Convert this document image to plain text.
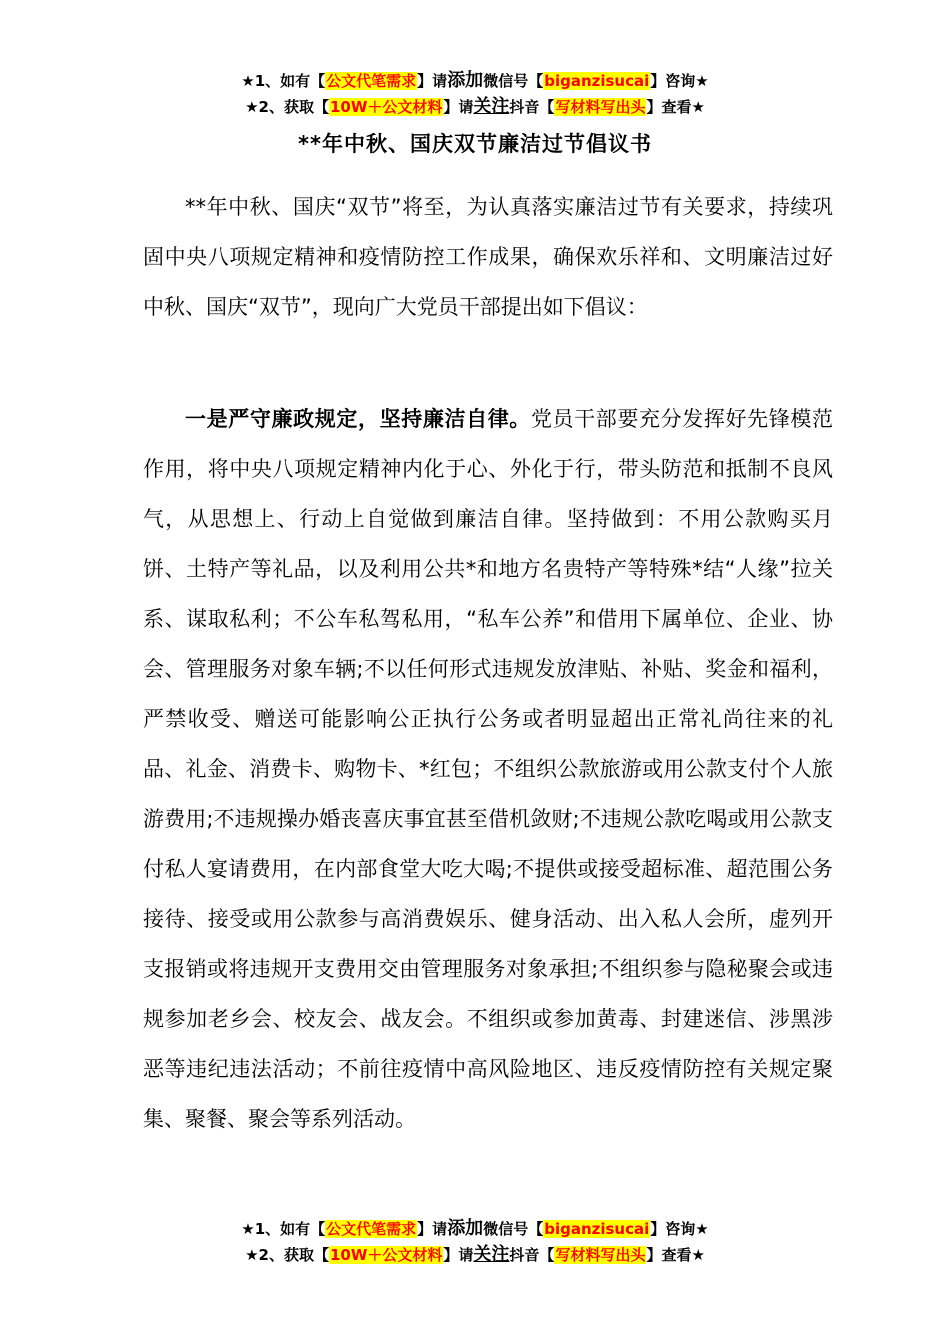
★1、如有【公文代笔需求】请添加微信号【biganzisucai】咨询★
★2、获取【10W＋公文材料】请关注抖音【写材料写出头】查看★
**年中秋、国庆双节廉洁过节倡议书

**年中秋、国庆“双节”将至，为认真落实廉洁过节有关要求，持续巩固中央八项规定精神和疫情防控工作成果，确保欢乐祥和、文明廉洁过好中秋、国庆“双节”，现向广大党员干部提出如下倡议：

一是严守廉政规定，坚持廉洁自律。党员干部要充分发挥好先锋模范作用，将中央八项规定精神内化于心、外化于行，带头防范和抵制不良风气，从思想上、行动上自觉做到廉洁自律。坚持做到：不用公款购买月饼、土特产等礼品，以及利用公共*和地方名贵特产等特殊*结“人缘”拉关系、谋取私利；不公车私驾私用，“私车公养”和借用下属单位、企业、协会、管理服务对象车辆;不以任何形式违规发放津贴、补贴、奖金和福利，严禁收受、赠送可能影响公正执行公务或者明显超出正常礼尚往来的礼品、礼金、消费卡、购物卡、*红包；不组织公款旅游或用公款支付个人旅游费用;不违规操办婚丧喜庆事宜甚至借机敛财;不违规公款吃喝或用公款支付私人宴请费用，在内部食堂大吃大喝;不提供或接受超标准、超范围公务接待、接受或用公款参与高消费娱乐、健身活动、出入私人会所，虚列开支报销或将违规开支费用交由管理服务对象承担;不组织参与隐秘聚会或违规参加老乡会、校友会、战友会。不组织或参加黄毒、封建迷信、涉黑涉恶等违纪违法活动；不前往疫情中高风险地区、违反疫情防控有关规定聚集、聚餐、聚会等系列活动。

★1、如有【公文代笔需求】请添加微信号【biganzisucai】咨询★
★2、获取【10W＋公文材料】请关注抖音【写材料写出头】查看★
